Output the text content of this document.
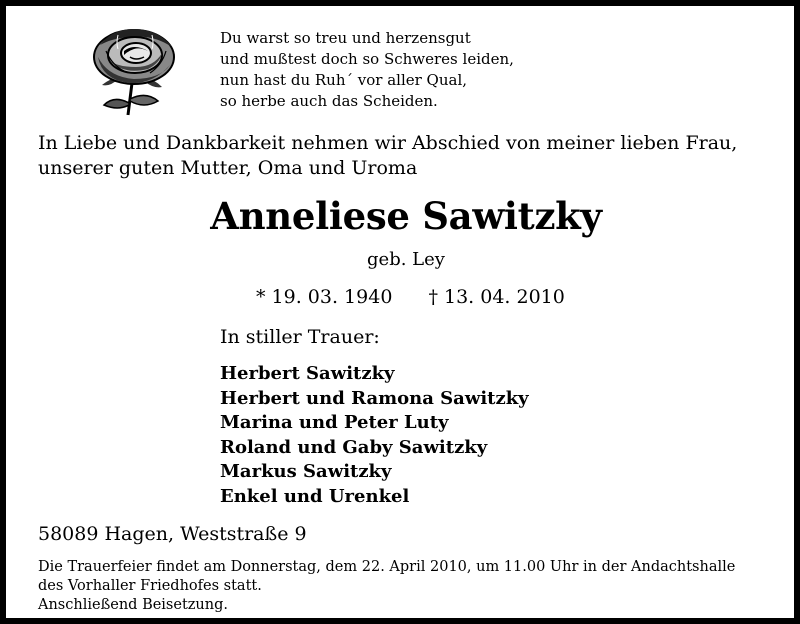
Du warst so treu und herzensgut
und mußtest doch so Schweres leiden,
nun hast du Ruh´ vor aller Qual,
so herbe auch das Scheiden.
In Liebe und Dankbarkeit nehmen wir Abschied von meiner lieben Frau,
unserer guten Mutter, Oma und Uroma
Anneliese Sawitzky
geb. Ley
* 19. 03. 1940 † 13. 04. 2010
In stiller Trauer:
Herbert Sawitzky
Herbert und Ramona Sawitzky
Marina und Peter Luty
Roland und Gaby Sawitzky
Markus Sawitzky
Enkel und Urenkel
58089 Hagen, Weststraße 9
Die Trauerfeier findet am Donnerstag, dem 22. April 2010, um 11.00 Uhr in der Andachtshalle
des Vorhaller Friedhofes statt.
Anschließend Beisetzung.
